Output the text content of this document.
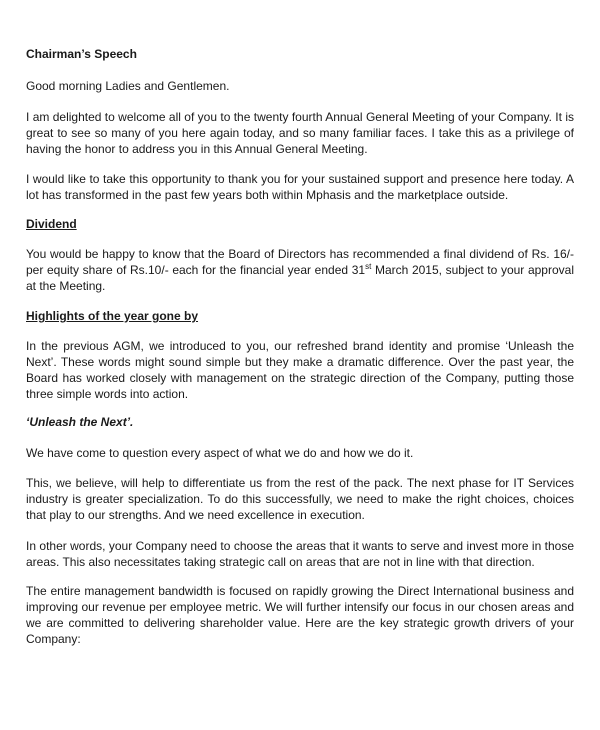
Chairman’s Speech

Good morning Ladies and Gentlemen.

I am delighted to welcome all of you to the twenty fourth Annual General Meeting of your Company. It is great to see so many of you here again today, and so many familiar faces. I take this as a privilege of having the honor to address you in this Annual General Meeting.

I would like to take this opportunity to thank you for your sustained support and presence here today. A lot has transformed in the past few years both within Mphasis and the marketplace outside.

Dividend

You would be happy to know that the Board of Directors has recommended a final dividend of Rs. 16/- per equity share of Rs.10/- each for the financial year ended 31st March 2015, subject to your approval at the Meeting.

Highlights of the year gone by

In the previous AGM, we introduced to you, our refreshed brand identity and promise ‘Unleash the Next’. These words might sound simple but they make a dramatic difference. Over the past year, the Board has worked closely with management on the strategic direction of the Company, putting those three simple words into action.

‘Unleash the Next’.

We have come to question every aspect of what we do and how we do it.

This, we believe, will help to differentiate us from the rest of the pack. The next phase for IT Services industry is greater specialization. To do this successfully, we need to make the right choices, choices that play to our strengths. And we need excellence in execution.

In other words, your Company need to choose the areas that it wants to serve and invest more in those areas. This also necessitates taking strategic call on areas that are not in line with that direction.

The entire management bandwidth is focused on rapidly growing the Direct International business and improving our revenue per employee metric. We will further intensify our focus in our chosen areas and we are committed to delivering shareholder value. Here are the key strategic growth drivers of your Company:
